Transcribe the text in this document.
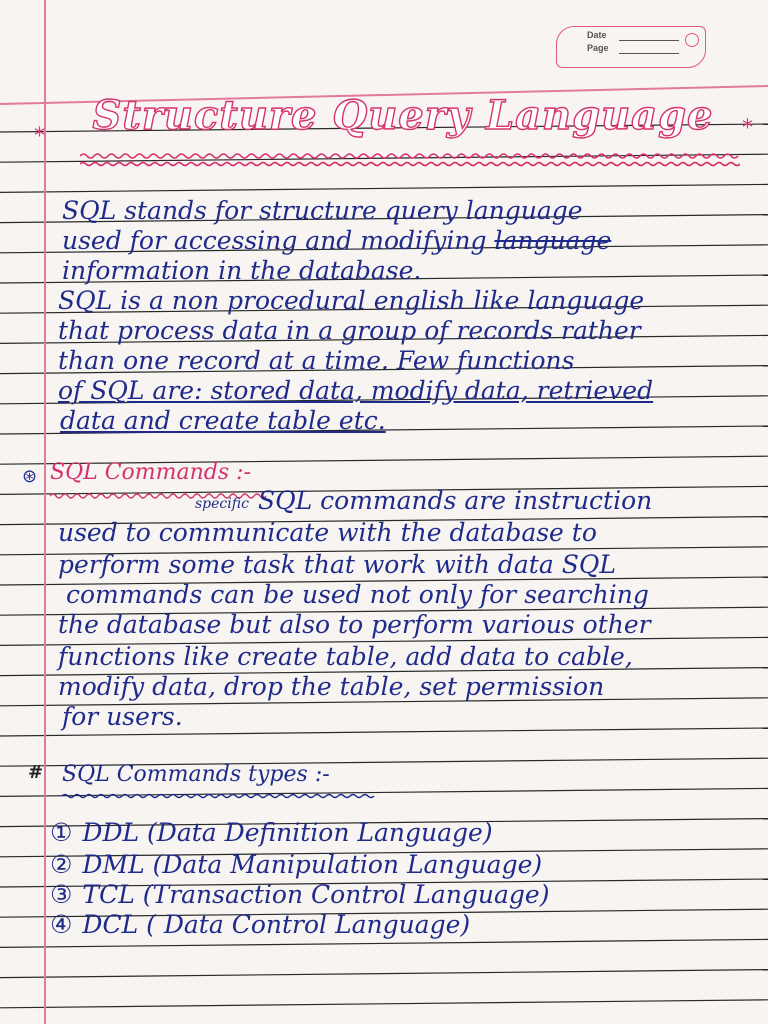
Date
Page
*	*
Structure Query Language
SQL stands for structure query language
used for accessing and modifying language
information in the database.
SQL is a non procedural english like language
that process data in a group of records rather
than one record at a time. Few functions
of SQL are: stored data, modify data, retrieved
data and create table etc.
⊛ SQL Commands :-
specific SQL commands are instruction
used to communicate with the database to
perform some task that work with data SQL
commands can be used not only for searching
the database but also to perform various other
functions like create table, add data to cable,
modify data, drop the table, set permission
for users.
# SQL Commands types :-
① DDL (Data Definition Language)
② DML (Data Manipulation Language)
③ TCL (Transaction Control Language)
④ DCL ( Data Control Language)
